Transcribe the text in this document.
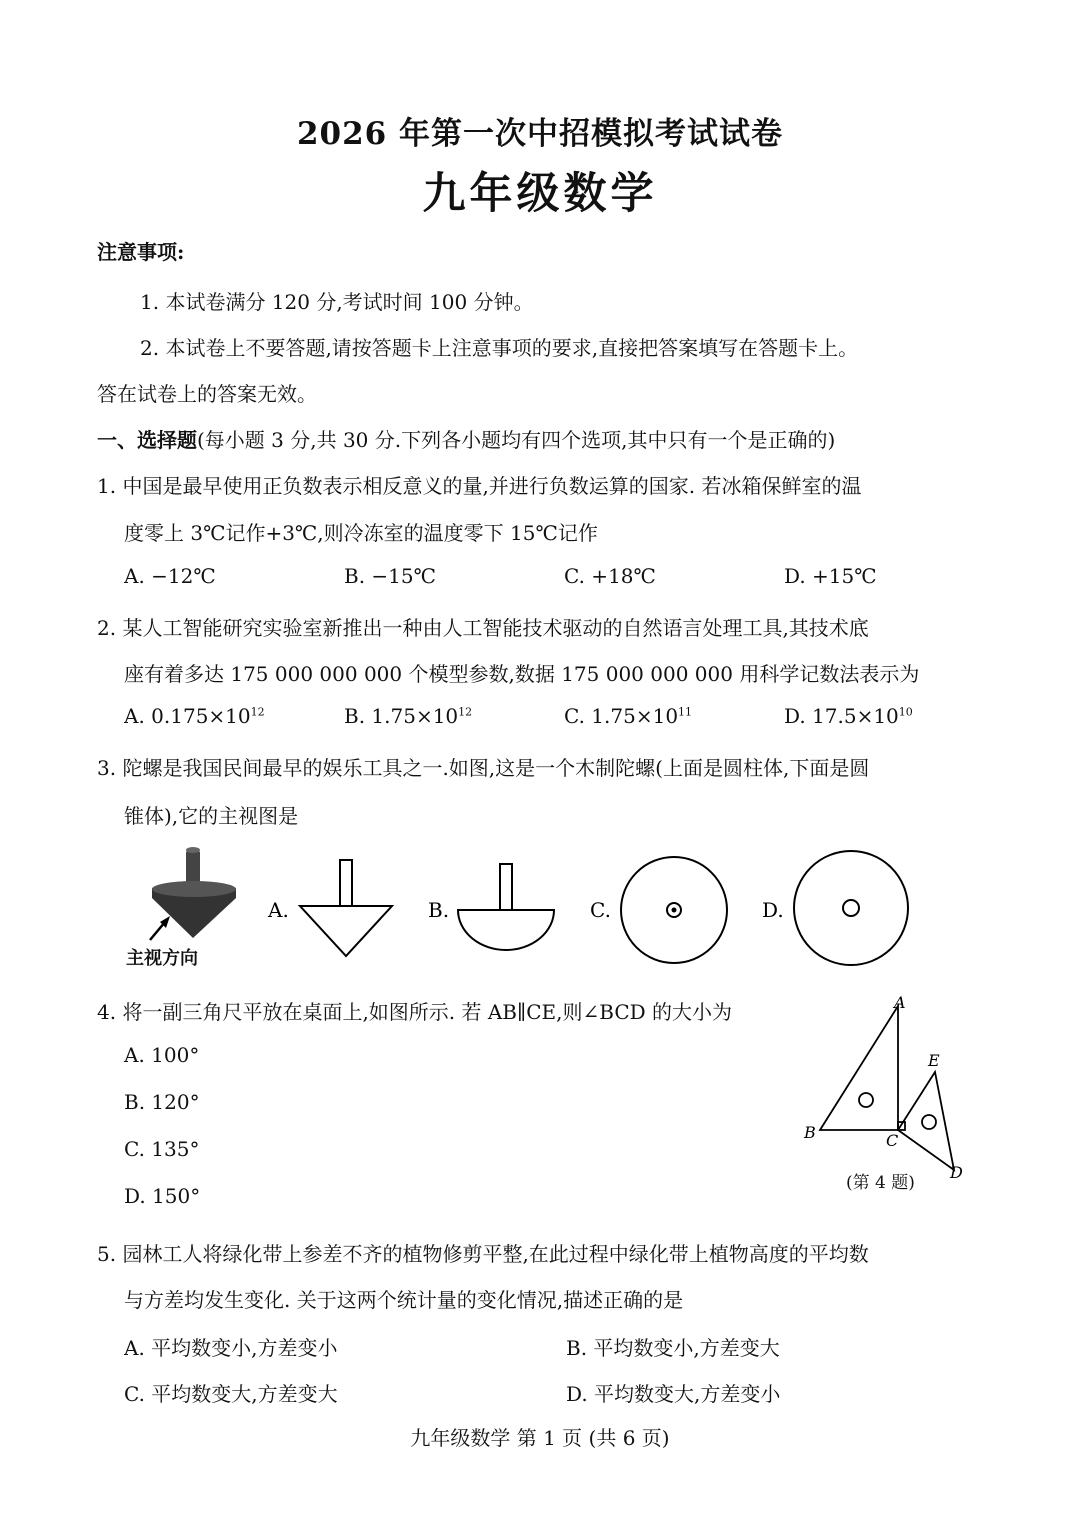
2026 年第一次中招模拟考试试卷
九年级数学
注意事项:
1. 本试卷满分 120 分,考试时间 100 分钟。
2. 本试卷上不要答题,请按答题卡上注意事项的要求,直接把答案填写在答题卡上。
答在试卷上的答案无效。
一、选择题(每小题 3 分,共 30 分.下列各小题均有四个选项,其中只有一个是正确的)
1. 中国是最早使用正负数表示相反意义的量,并进行负数运算的国家. 若冰箱保鲜室的温
度零上 3℃记作+3℃,则冷冻室的温度零下 15℃记作
A. −12℃	B. −15℃	C. +18℃	D. +15℃
2. 某人工智能研究实验室新推出一种由人工智能技术驱动的自然语言处理工具,其技术底
座有着多达 175 000 000 000 个模型参数,数据 175 000 000 000 用科学记数法表示为
A. $0.175\times 10^{12}$	B. $1.75\times 10^{12}$	C. $1.75\times 10^{11}$	D. $17.5\times 10^{10}$
3. 陀螺是我国民间最早的娱乐工具之一.如图,这是一个木制陀螺(上面是圆柱体,下面是圆
锥体),它的主视图是
A.	B.	C.	D.
主视方向
4. 将一副三角尺平放在桌面上,如图所示. 若 AB∥CE,则∠BCD 的大小为
A. 100°
B. 120°
C. 135°
D. 150°
A
B	C
D
E
(第 4 题)
5. 园林工人将绿化带上参差不齐的植物修剪平整,在此过程中绿化带上植物高度的平均数
与方差均发生变化. 关于这两个统计量的变化情况,描述正确的是
A. 平均数变小,方差变小	B. 平均数变小,方差变大
C. 平均数变大,方差变大	D. 平均数变大,方差变小
九年级数学 第 1 页 (共 6 页)
